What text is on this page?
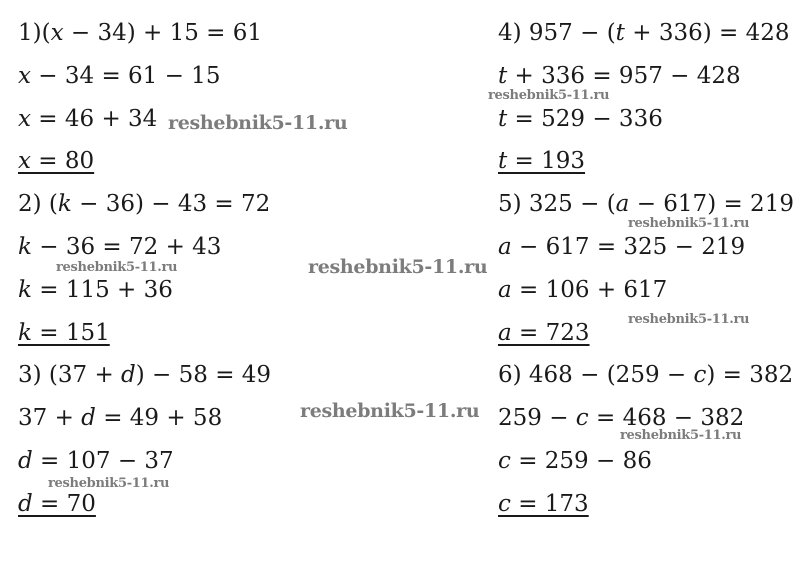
1)(𝑥 − 34) + 15 = 61
𝑥 − 34 = 61 − 15
𝑥 = 46 + 34
𝑥 = 80
2) (𝑘 − 36) − 43 = 72
𝑘 − 36 = 72 + 43
𝑘 = 115 + 36
𝑘 = 151
3) (37 + 𝑑) − 58 = 49
37 + 𝑑 = 49 + 58
𝑑 = 107 − 37
𝑑 = 70
4) 957 − (𝑡 + 336) = 428
𝑡 + 336 = 957 − 428
𝑡 = 529 − 336
𝑡 = 193
5) 325 − (𝑎 − 617) = 219
𝑎 − 617 = 325 − 219
𝑎 = 106 + 617
𝑎 = 723
6) 468 − (259 − 𝑐) = 382
259 − 𝑐 = 468 − 382
𝑐 = 259 − 86
𝑐 = 173
reshebnik5-11.ru
reshebnik5-11.ru
reshebnik5-11.ru
reshebnik5-11.ru	reshebnik5-11.ru
reshebnik5-11.ru
reshebnik5-11.ru
reshebnik5-11.ru
reshebnik5-11.ru
